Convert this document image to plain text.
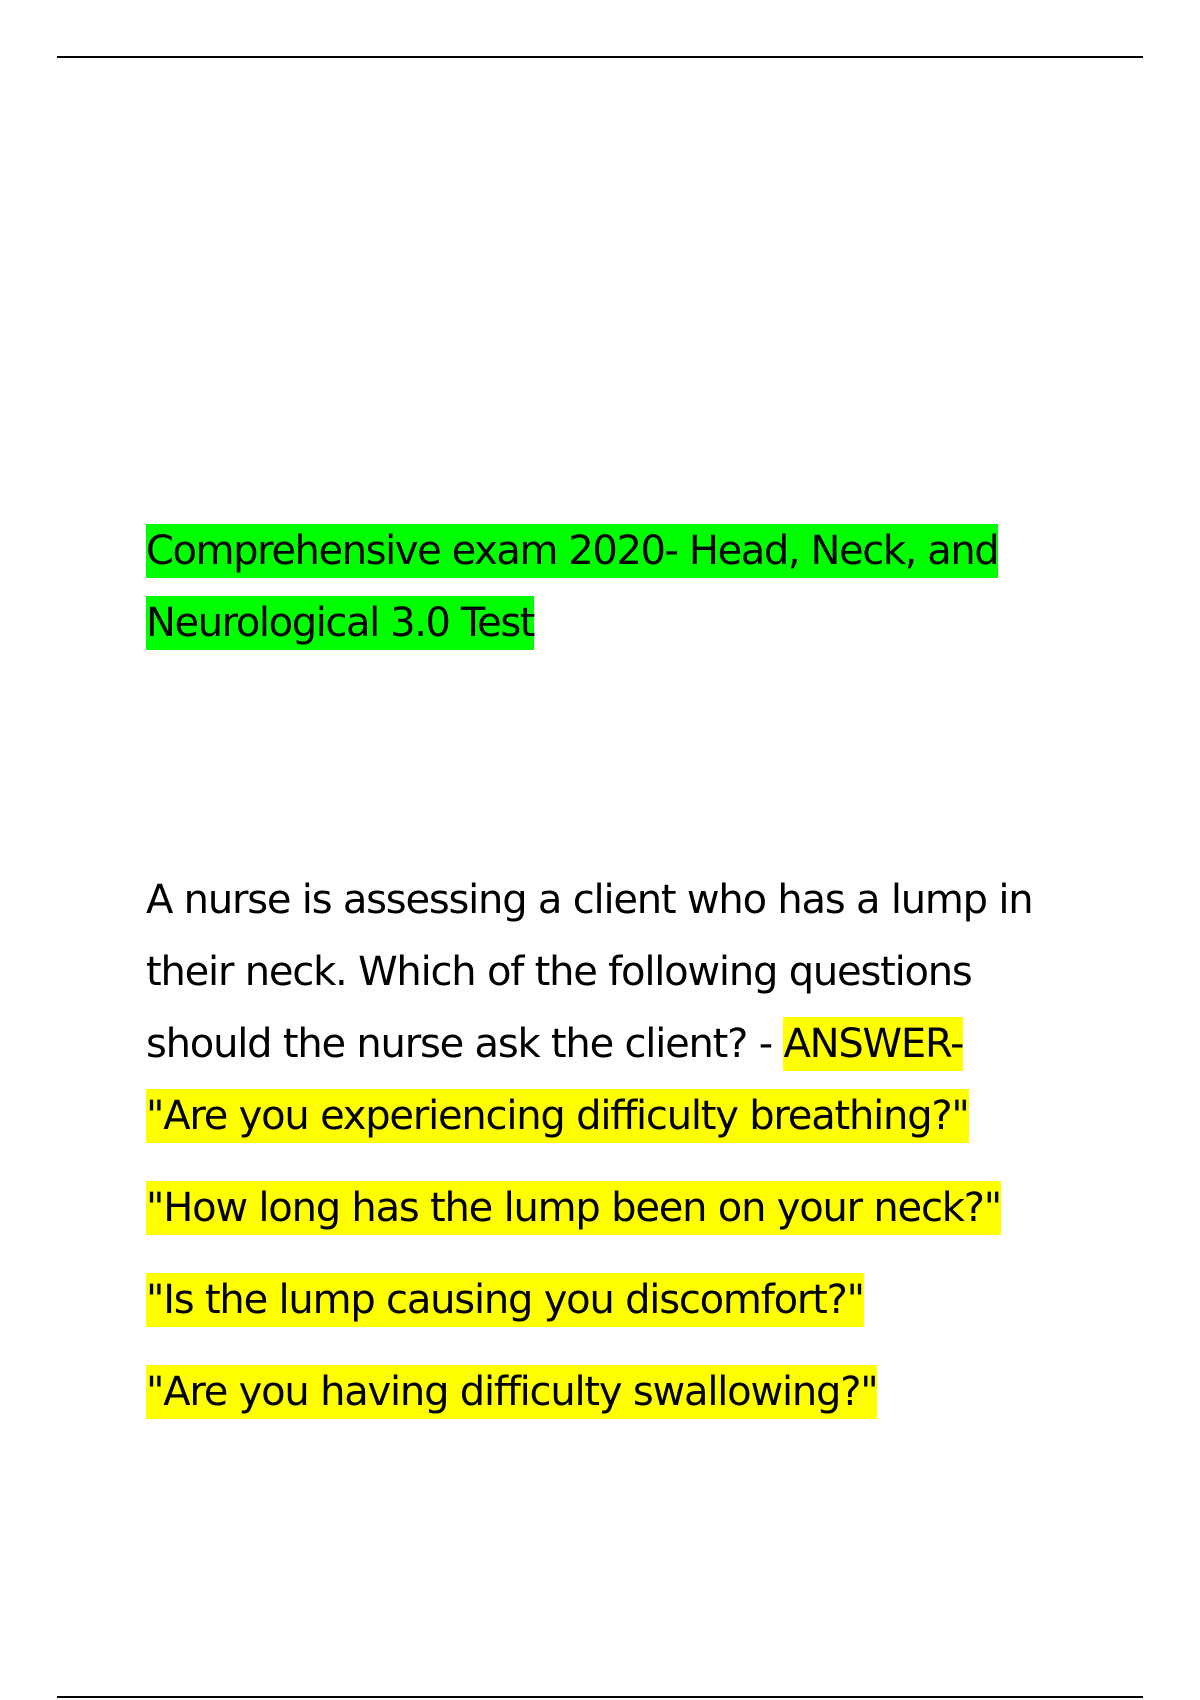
Comprehensive exam 2020- Head, Neck, and Neurological 3.0 Test
A nurse is assessing a client who has a lump in their neck. Which of the following questions should the nurse ask the client? - ANSWER-
"Are you experiencing difficulty breathing?"
"How long has the lump been on your neck?"
"Is the lump causing you discomfort?"
"Are you having difficulty swallowing?"
